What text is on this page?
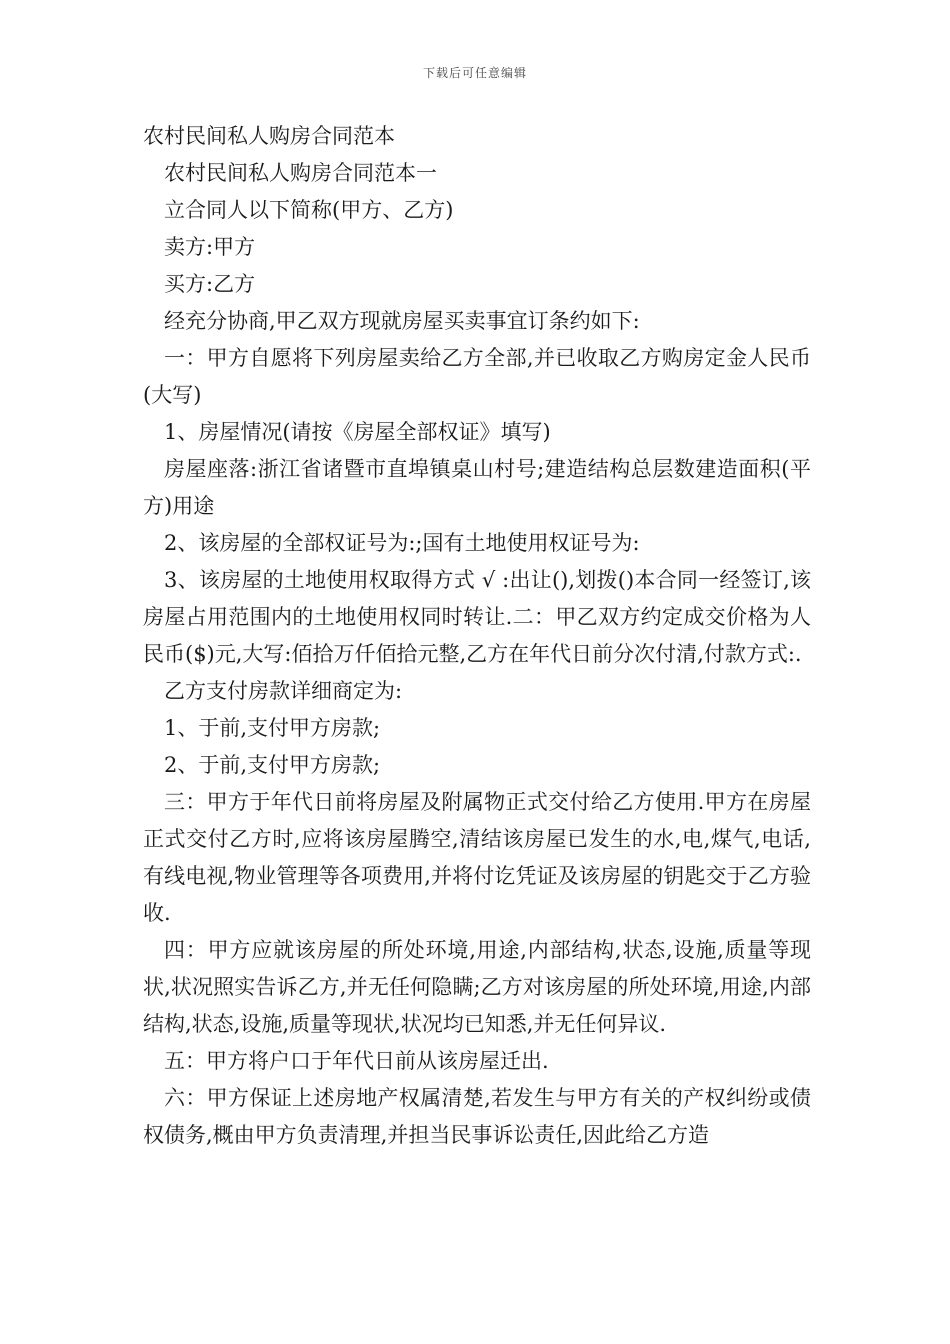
下载后可任意编辑

农村民间私人购房合同范本

农村民间私人购房合同范本一

立合同人以下简称(甲方、乙方)

卖方:甲方

买方:乙方

经充分协商,甲乙双方现就房屋买卖事宜订条约如下:

一：甲方自愿将下列房屋卖给乙方全部,并已收取乙方购房定金人民币(大写)

1、房屋情况(请按《房屋全部权证》填写)

房屋座落:浙江省诸暨市直埠镇桌山村号;建造结构总层数建造面积(平方)用途

2、该房屋的全部权证号为:;国有土地使用权证号为:

3、该房屋的土地使用权取得方式 √ :出让(),划拨()本合同一经签订,该房屋占用范围内的土地使用权同时转让.二：甲乙双方约定成交价格为人民币($)元,大写:佰拾万仟佰拾元整,乙方在年代日前分次付清,付款方式:.

乙方支付房款详细商定为:

1、于前,支付甲方房款;

2、于前,支付甲方房款;

三：甲方于年代日前将房屋及附属物正式交付给乙方使用.甲方在房屋正式交付乙方时,应将该房屋腾空,清结该房屋已发生的水,电,煤气,电话,有线电视,物业管理等各项费用,并将付讫凭证及该房屋的钥匙交于乙方验收.

四：甲方应就该房屋的所处环境,用途,内部结构,状态,设施,质量等现状,状况照实告诉乙方,并无任何隐瞒;乙方对该房屋的所处环境,用途,内部结构,状态,设施,质量等现状,状况均已知悉,并无任何异议.

五：甲方将户口于年代日前从该房屋迁出.

六：甲方保证上述房地产权属清楚,若发生与甲方有关的产权纠纷或债权债务,概由甲方负责清理,并担当民事诉讼责任,因此给乙方造
